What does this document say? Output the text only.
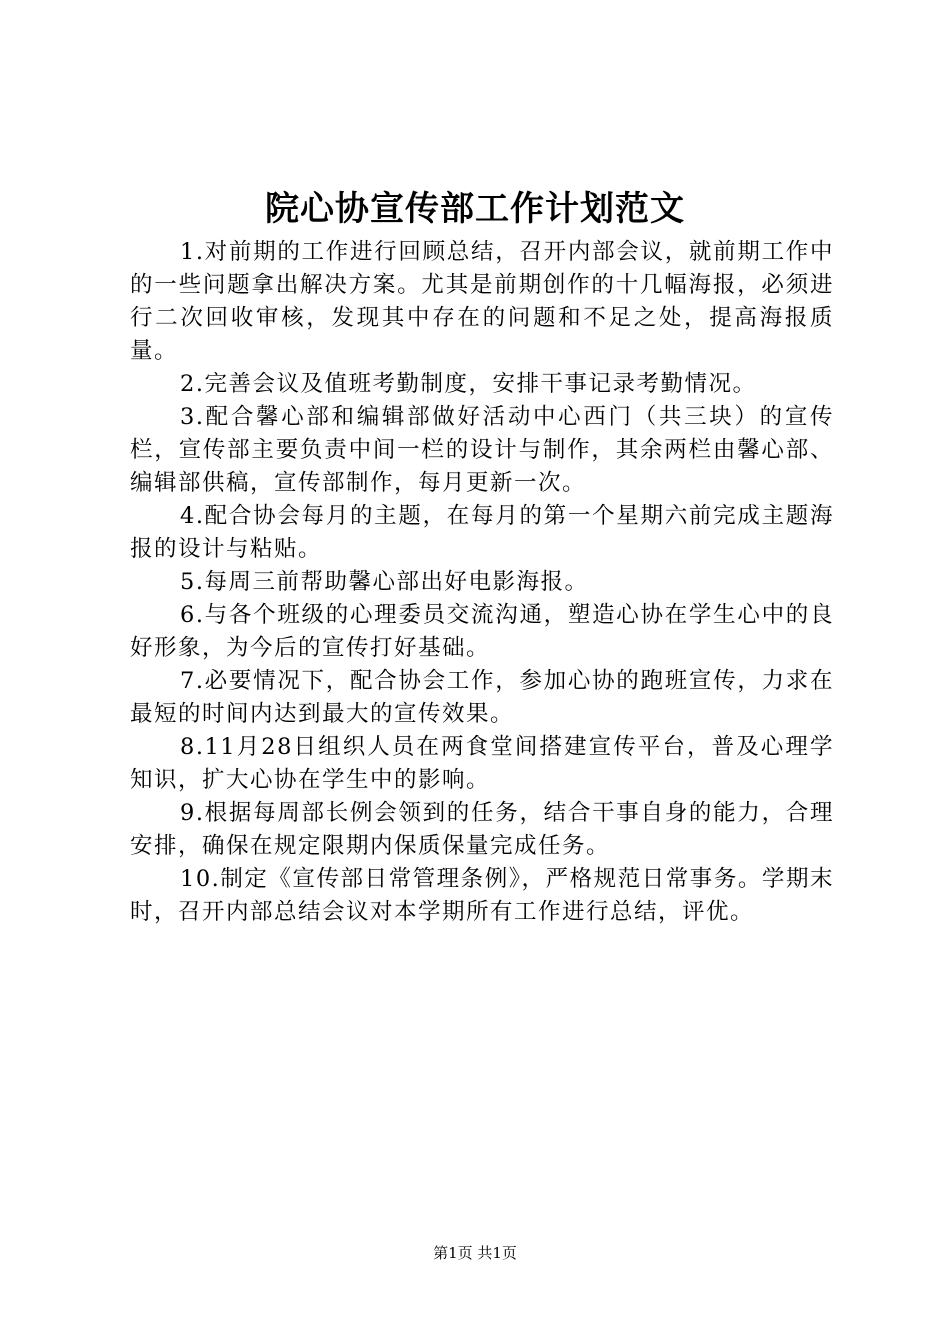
院心协宣传部工作计划范文

1.对前期的工作进行回顾总结，召开内部会议，就前期工作中的一些问题拿出解决方案。尤其是前期创作的十几幅海报，必须进行二次回收审核，发现其中存在的问题和不足之处，提高海报质量。

2.完善会议及值班考勤制度，安排干事记录考勤情况。

3.配合馨心部和编辑部做好活动中心西门（共三块）的宣传栏，宣传部主要负责中间一栏的设计与制作，其余两栏由馨心部、编辑部供稿，宣传部制作，每月更新一次。

4.配合协会每月的主题，在每月的第一个星期六前完成主题海报的设计与粘贴。

5.每周三前帮助馨心部出好电影海报。

6.与各个班级的心理委员交流沟通，塑造心协在学生心中的良好形象，为今后的宣传打好基础。

7.必要情况下，配合协会工作，参加心协的跑班宣传，力求在最短的时间内达到最大的宣传效果。

8.11月28日组织人员在两食堂间搭建宣传平台，普及心理学知识，扩大心协在学生中的影响。

9.根据每周部长例会领到的任务，结合干事自身的能力，合理安排，确保在规定限期内保质保量完成任务。

10.制定《宣传部日常管理条例》，严格规范日常事务。学期末时，召开内部总结会议对本学期所有工作进行总结，评优。

第1页 共1页
